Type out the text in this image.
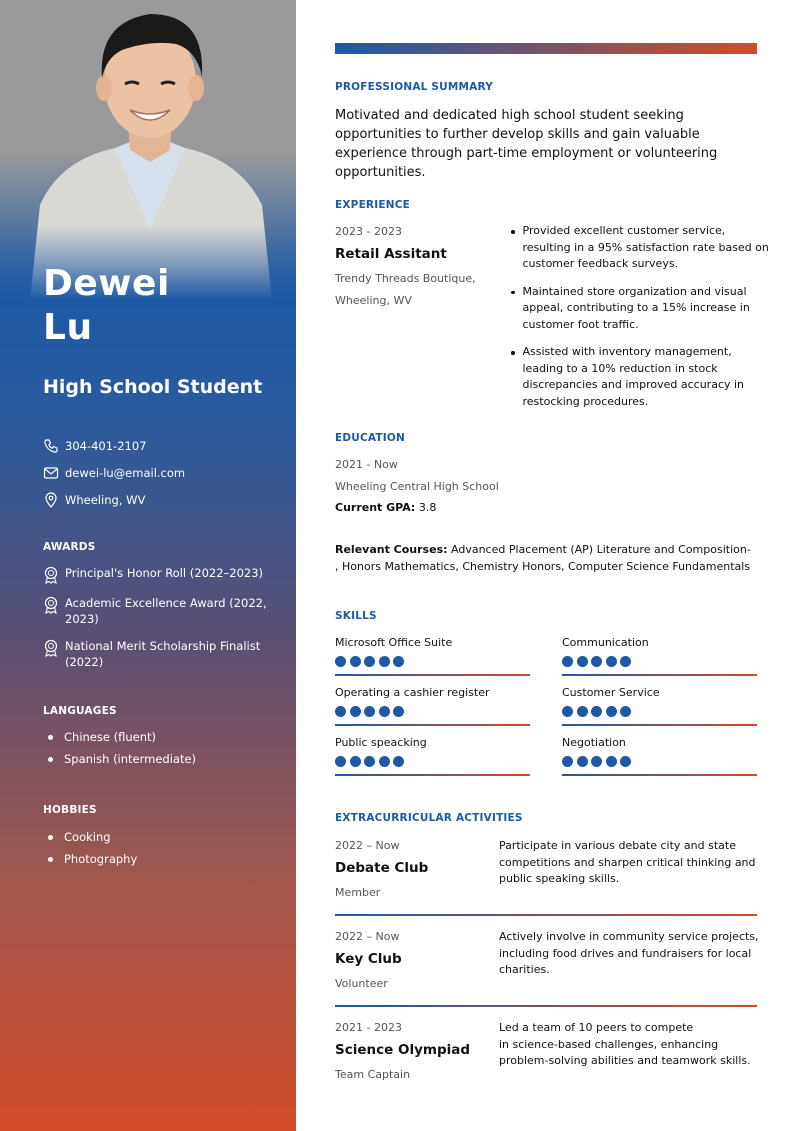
Dewei
Lu
High School Student
304-401-2107
dewei-lu@email.com
Wheeling, WV
AWARDS
Principal's Honor Roll (2022–2023)
Academic Excellence Award (2022, 2023)
National Merit Scholarship Finalist (2022)
LANGUAGES
Chinese (fluent)
Spanish (intermediate)
HOBBIES
Cooking
Photography
PROFESSIONAL SUMMARY

Motivated and dedicated high school student seeking opportunities to further develop skills and gain valuable experience through part-time employment or volunteering opportunities.

EXPERIENCE
2023 - 2023
Retail Assitant
Trendy Threads Boutique,
Wheeling, WV
Provided excellent customer service, resulting in a 95% satisfaction rate based on customer feedback surveys.
Maintained store organization and visual appeal, contributing to a 15% increase in customer foot traffic.
Assisted with inventory management, leading to a 10% reduction in stock discrepancies and improved accuracy in restocking procedures.
EDUCATION
2021 - Now
Wheeling Central High School
Current GPA: 3.8
Relevant Courses: Advanced Placement (AP) Literature and Composition-
, Honors Mathematics, Chemistry Honors, Computer Science Fundamentals
SKILLS
Microsoft Office Suite	Communication
Operating a cashier register	Customer Service
Public speacking	Negotiation
EXTRACURRICULAR ACTIVITIES
2022 – Now
Debate Club
Member
Participate in various debate city and state
competitions and sharpen critical thinking and
public speaking skills.
2022 – Now
Key Club
Volunteer
Actively involve in community service projects,
including food drives and fundraisers for local
charities.
2021 - 2023
Science Olympiad
Team Captain
Led a team of 10 peers to compete
in science-based challenges, enhancing
problem-solving abilities and teamwork skills.
